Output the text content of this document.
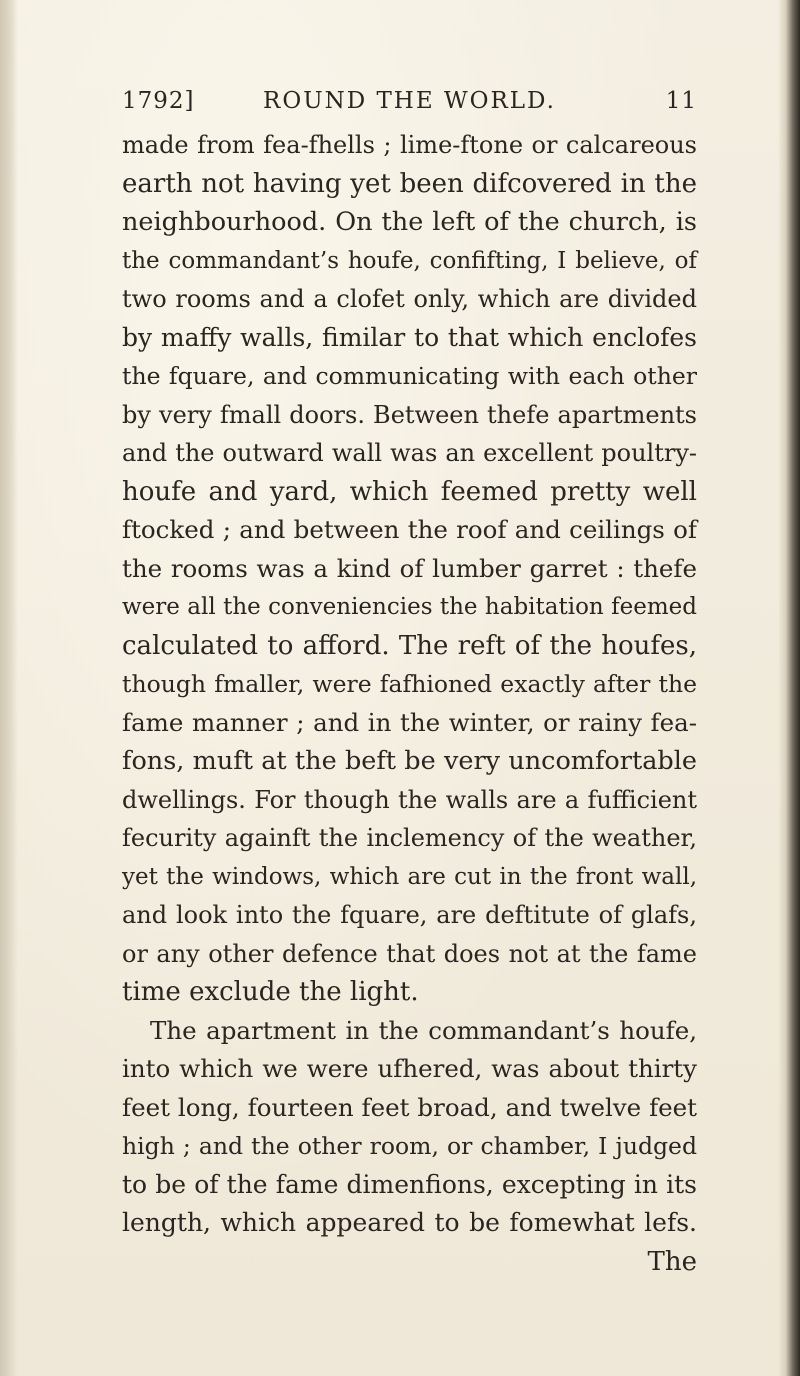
1792]	ROUND THE WORLD.	11
made from fea-fhells ; lime-ftone or calcareous
earth not having yet been difcovered in the
neighbourhood. On the left of the church, is
the commandant’s houfe, confifting, I believe, of
two rooms and a clofet only, which are divided
by maffy walls, fimilar to that which enclofes
the fquare, and communicating with each other
by very fmall doors. Between thefe apartments
and the outward wall was an excellent poultry-
houfe and yard, which feemed pretty well
ftocked ; and between the roof and ceilings of
the rooms was a kind of lumber garret : thefe
were all the conveniencies the habitation feemed
calculated to afford. The reft of the houfes,
though fmaller, were fafhioned exactly after the
fame manner ; and in the winter, or rainy fea-
fons, muft at the beft be very uncomfortable
dwellings. For though the walls are a fufficient
fecurity againft the inclemency of the weather,
yet the windows, which are cut in the front wall,
and look into the fquare, are deftitute of glafs,
or any other defence that does not at the fame
time exclude the light.
The apartment in the commandant’s houfe,
into which we were ufhered, was about thirty
feet long, fourteen feet broad, and twelve feet
high ; and the other room, or chamber, I judged
to be of the fame dimenfions, excepting in its
length, which appeared to be fomewhat lefs.
The
